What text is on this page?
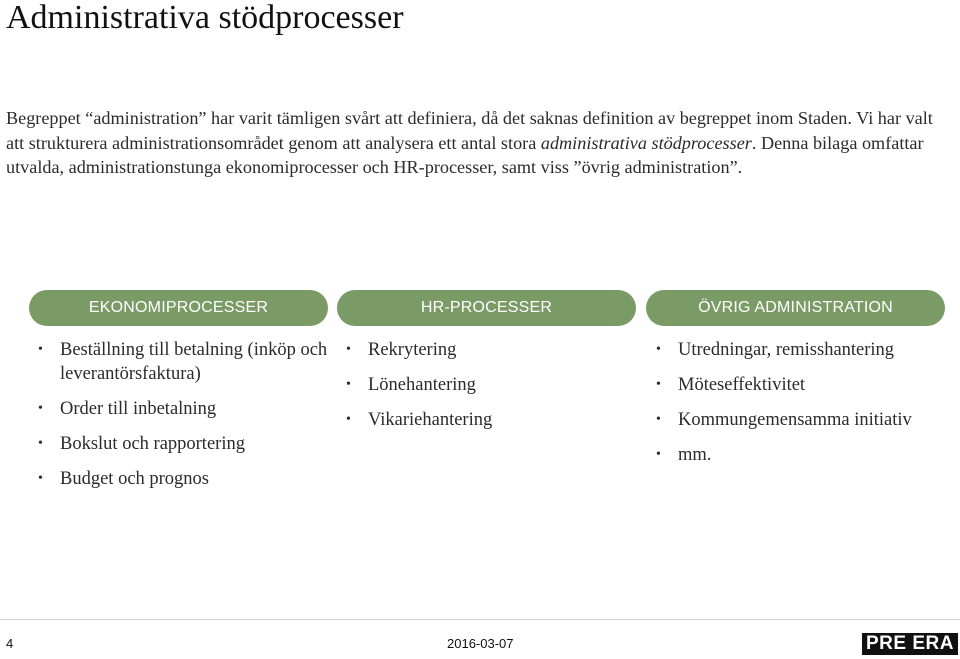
Administrativa stödprocesser

Begreppet “administration” har varit tämligen svårt att definiera, då det saknas definition av begreppet inom Staden. Vi har valt att strukturera administrationsområdet genom att analysera ett antal stora administrativa stödprocesser. Denna bilaga omfattar utvalda, administrationstunga ekonomiprocesser och HR-processer, samt viss ”övrig administration”.

EKONOMIPROCESSER
• Beställning till betalning (inköp och leverantörsfaktura)
• Order till inbetalning
• Bokslut och rapportering
• Budget och prognos
HR-PROCESSER
• Rekrytering
• Lönehantering
• Vikariehantering
ÖVRIG ADMINISTRATION
• Utredningar, remisshantering
• Möteseffektivitet
• Kommungemensamma initiativ
• mm.
4	2016-03-07	PRE ERA
